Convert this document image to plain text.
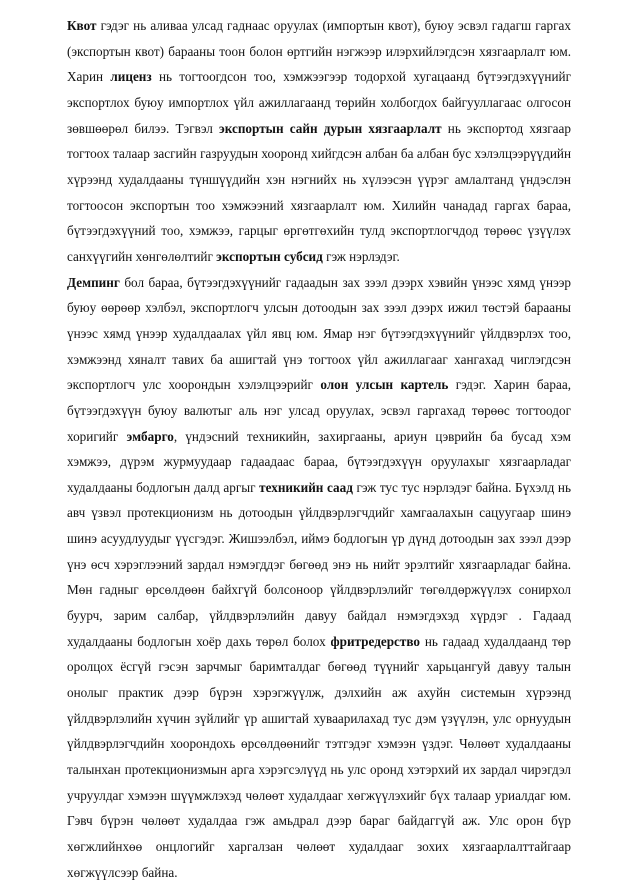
Квот гэдэг нь аливаа улсад гаднаас оруулах (импортын квот), буюу эсвэл гадагш гаргах (экспортын квот) барааны тоон болон өртгийн нэгжээр илэрхийлэгдсэн хязгаарлалт юм. Харин лиценз нь тогтоогдсон тоо, хэмжээгээр тодорхой хугацаанд бүтээгдэхүүнийг экспортлох буюу импортлох үйл ажиллагаанд төрийн холбогдох байгууллагаас олгосон зөвшөөрөл билээ. Тэгвэл экспортын сайн дурын хязгаарлалт нь экспортод хязгаар тогтоох талаар засгийн газруудын хооронд хийгдсэн албан ба албан бус хэлэлцээрүүдийн хүрээнд худалдааны түншүүдийн хэн нэгнийх нь хүлээсэн үүрэг амлалтанд үндэслэн тогтоосон экспортын тоо хэмжээний хязгаарлалт юм. Хилийн чанадад гаргах бараа, бүтээгдэхүүний тоо, хэмжээ, гарцыг өргөтгөхийн тулд экспортлогчдод төрөөс үзүүлэх санхүүгийн хөнгөлөлтийг экспортын субсид гэж нэрлэдэг.

Демпинг бол бараа, бүтээгдэхүүнийг гадаадын зах зээл дээрх хэвийн үнээс хямд үнээр буюу өөрөөр хэлбэл, экспортлогч улсын дотоодын зах зээл дээрх ижил төстэй барааны үнээс хямд үнээр худалдаалах үйл явц юм. Ямар нэг бүтээгдэхүүнийг үйлдвэрлэх тоо, хэмжээнд хяналт тавих ба ашигтай үнэ тогтоох үйл ажиллагааг хангахад чиглэгдсэн экспортлогч улс хоорондын хэлэлцээрийг олон улсын картель гэдэг. Харин бараа, бүтээгдэхүүн буюу валютыг аль нэг улсад оруулах, эсвэл гаргахад төрөөс тогтоодог хоригийг эмбарго, үндэсний техникийн, захиргааны, ариун цэврийн ба бусад хэм хэмжээ, дүрэм журмуудаар гадаадаас бараа, бүтээгдэхүүн оруулахыг хязгаарладаг худалдааны бодлогын далд аргыг техникийн саад гэж тус тус нэрлэдэг байна. Бүхэлд нь авч үзвэл протекционизм нь дотоодын үйлдвэрлэгчдийг хамгаалахын сацуугаар шинэ шинэ асуудлуудыг үүсгэдэг. Жишээлбэл, иймэ бодлогын үр дүнд дотоодын зах зээл дээр үнэ өсч хэрэглээний зардал нэмэгддэг бөгөөд энэ нь нийт эрэлтийг хязгаарладаг байна. Мөн гадныг өрсөлдөөн байхгүй болсоноор үйлдвэрлэлийг төгөлдөржүүлэх сонирхол буурч, зарим салбар, үйлдвэрлэлийн давуу байдал нэмэгдэхэд хүрдэг . Гадаад худалдааны бодлогын хоёр дахь төрөл болох фритредерство нь гадаад худалдаанд төр оролцох ёсгүй гэсэн зарчмыг баримталдаг бөгөөд түүнийг харьцангуй давуу талын онолыг практик дээр бүрэн хэрэгжүүлж, дэлхийн аж ахуйн системын хүрээнд үйлдвэрлэлийн хүчин зүйлийг үр ашигтай хуваарилахад тус дэм үзүүлэн, улс орнуудын үйлдвэрлэгчдийн хоорондохь өрсөлдөөнийг тэтгэдэг хэмээн үздэг. Чөлөөт худалдааны талынхан протекционизмын арга хэрэгсэлүүд нь улс оронд хэтэрхий их зардал чирэгдэл учруулдаг хэмээн шүүмжлэхэд чөлөөт худалдааг хөгжүүлэхийг бүх талаар уриалдаг юм. Гэвч бүрэн чөлөөт худалдаа гэж амьдрал дээр бараг байдаггүй аж. Улс орон бүр хөгжлийнхөө онцлогийг харгалзан чөлөөт худалдааг зохих хязгаарлалттайгаар хөгжүүлсээр байна.
